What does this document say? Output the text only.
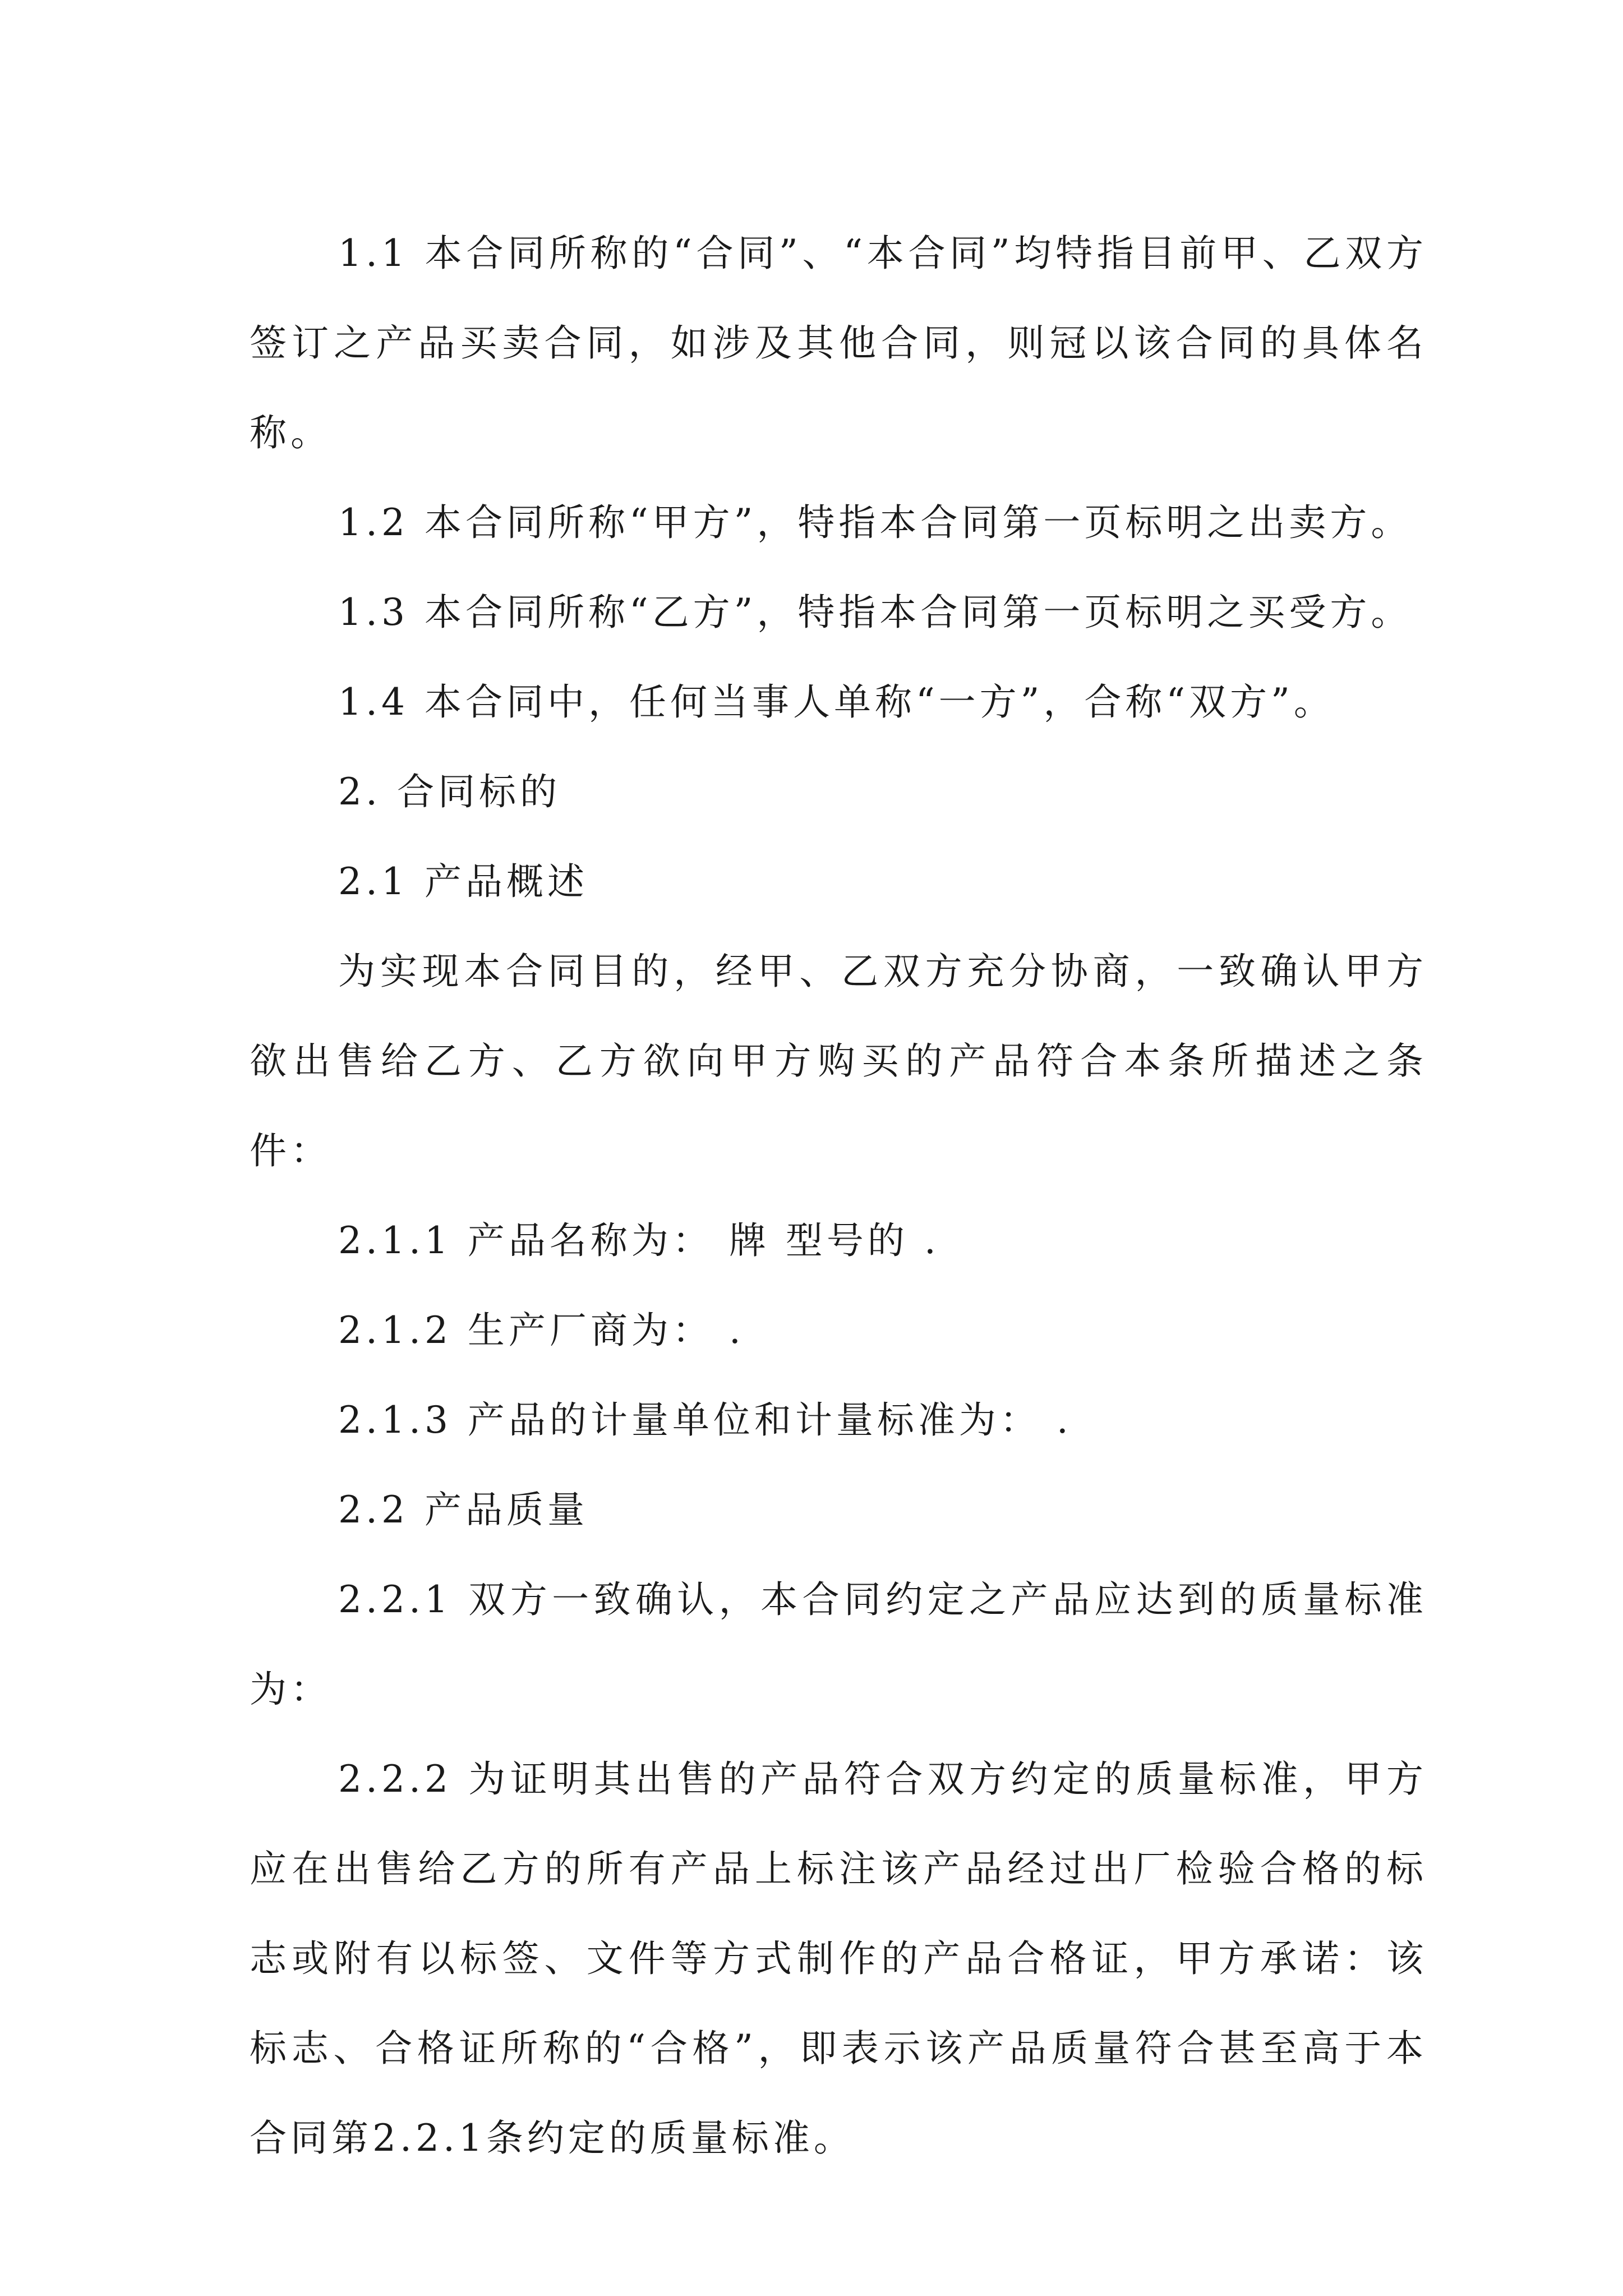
1.1 本合同所称的“合同”、“本合同”均特指目前甲、乙双方签订之产品买卖合同，如涉及其他合同，则冠以该合同的具体名称。

1.2 本合同所称“甲方”，特指本合同第一页标明之出卖方。

1.3 本合同所称“乙方”，特指本合同第一页标明之买受方。

1.4 本合同中，任何当事人单称“一方”，合称“双方”。

2. 合同标的

2.1 产品概述

为实现本合同目的，经甲、乙双方充分协商，一致确认甲方欲出售给乙方、乙方欲向甲方购买的产品符合本条所描述之条件：

2.1.1 产品名称为： 牌 型号的 .

2.1.2 生产厂商为： .

2.1.3 产品的计量单位和计量标准为： .

2.2 产品质量

2.2.1 双方一致确认，本合同约定之产品应达到的质量标准为：

2.2.2 为证明其出售的产品符合双方约定的质量标准，甲方应在出售给乙方的所有产品上标注该产品经过出厂检验合格的标志或附有以标签、文件等方式制作的产品合格证，甲方承诺：该标志、合格证所称的“合格”，即表示该产品质量符合甚至高于本合同第2.2.1条约定的质量标准。
